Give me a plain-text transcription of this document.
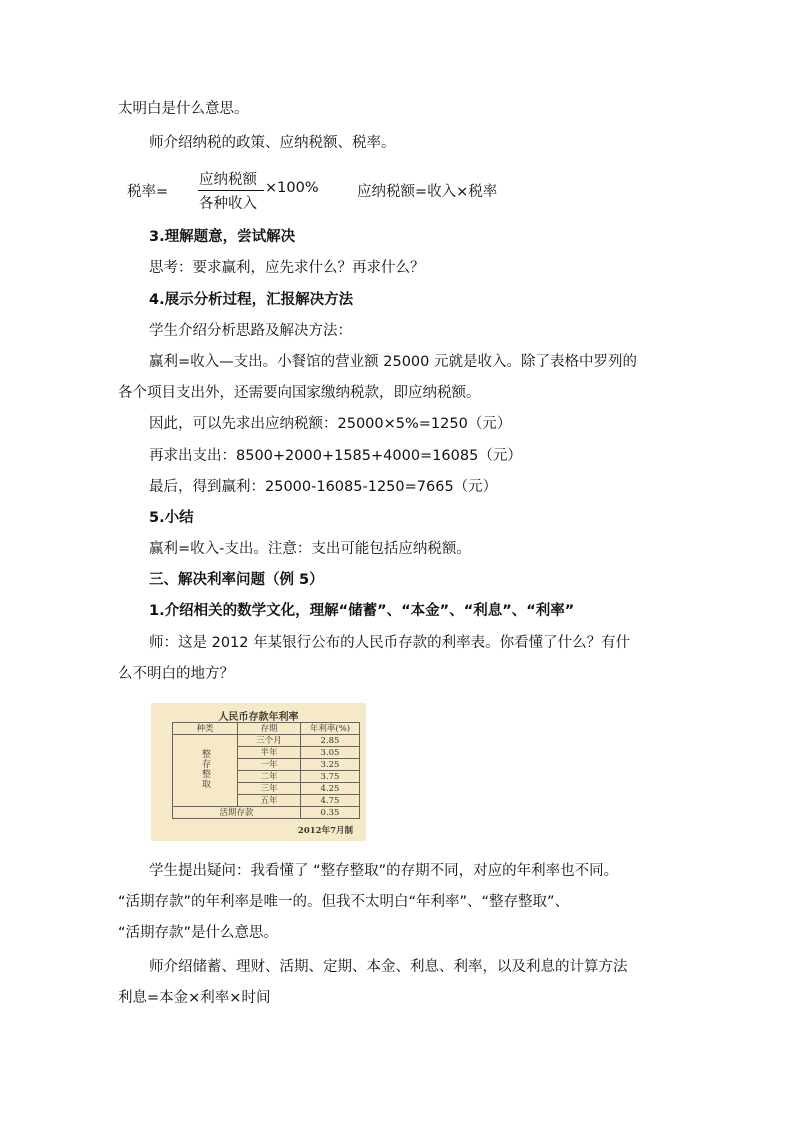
太明白是什么意思。
师介绍纳税的政策、应纳税额、税率。
税率=
应纳税额
各种收入
×100%	应纳税额=收入×税率
3.理解题意，尝试解决
思考：要求赢利，应先求什么？再求什么？
4.展示分析过程，汇报解决方法
学生介绍分析思路及解决方法：
赢利=收入—支出。小餐馆的营业额 25000 元就是收入。除了表格中罗列的
各个项目支出外，还需要向国家缴纳税款，即应纳税额。
因此，可以先求出应纳税额：25000×5%=1250（元）
再求出支出：8500+2000+1585+4000=16085（元）
最后，得到赢利：25000-16085-1250=7665（元）
5.小结
赢利=收入-支出。注意：支出可能包括应纳税额。
三、解决利率问题（例 5）
1.介绍相关的数学文化，理解“储蓄”、“本金”、“利息”、“利率”
师：这是 2012 年某银行公布的人民币存款的利率表。你看懂了什么？有什
么不明白的地方？
人民币存款年利率
种类	存期	年利率(%)
整存整取	三个月	2.85
	半年	3.05
	一年	3.25
	二年	3.75
	三年	4.25
	五年	4.75
活期存款		0.35
2012年7月制
学生提出疑问：我看懂了 “整存整取”的存期不同，对应的年利率也不同。
“活期存款”的年利率是唯一的。但我不太明白“年利率”、“整存整取”、
“活期存款”是什么意思。
师介绍储蓄、理财、活期、定期、本金、利息、利率，以及利息的计算方法
利息=本金×利率×时间
